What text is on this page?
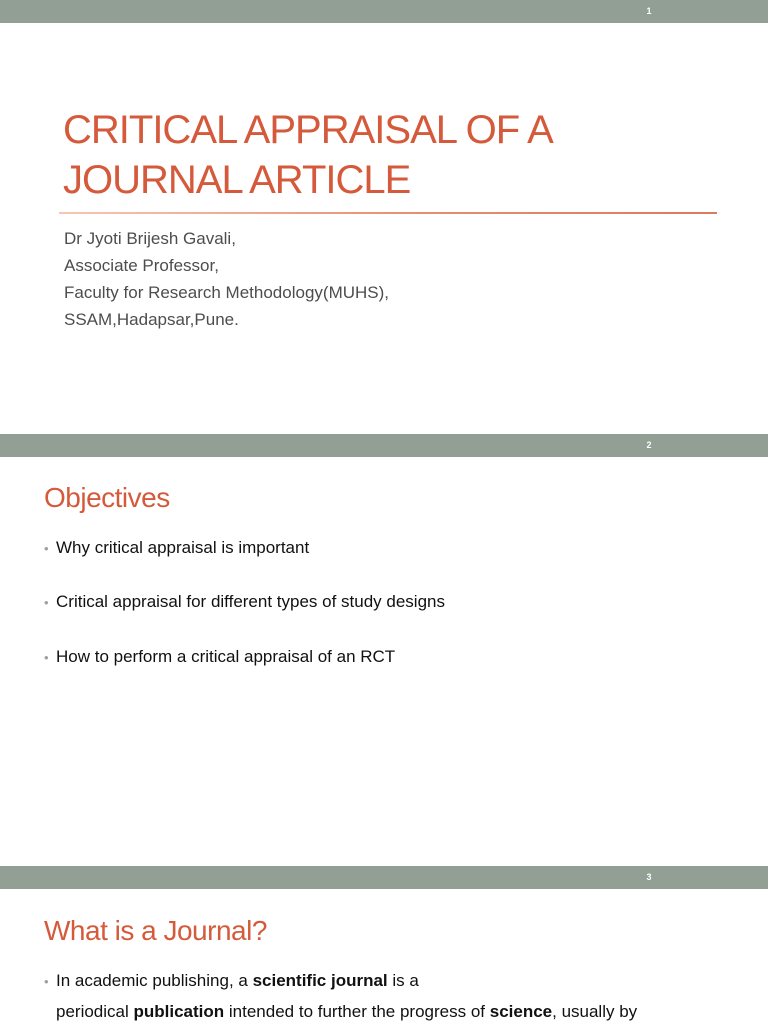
1
CRITICAL APPRAISAL OF A
JOURNAL ARTICLE
Dr Jyoti Brijesh Gavali,
Associate Professor,
Faculty for Research Methodology(MUHS),
SSAM,Hadapsar,Pune.
2
Objectives
• Why critical appraisal is important
• Critical appraisal for different types of study designs
• How to perform a critical appraisal of an RCT
3
What is a Journal?
• In academic publishing, a scientific journal is a
periodical publication intended to further the progress of science, usually by
